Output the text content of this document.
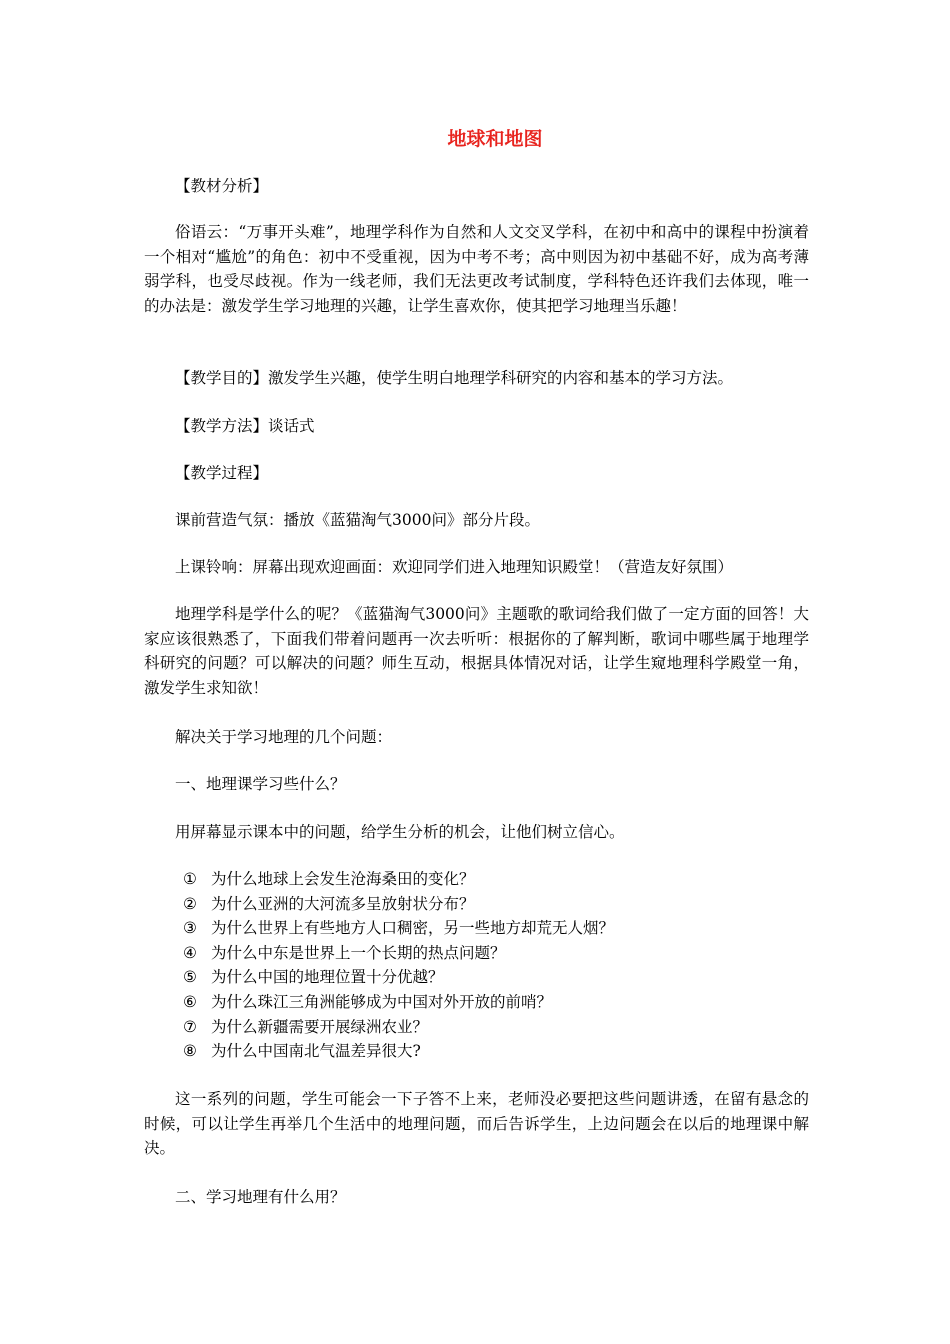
地球和地图

【教材分析】

俗语云：“万事开头难”，地理学科作为自然和人文交叉学科，在初中和高中的课程中扮演着一个相对“尴尬”的角色：初中不受重视，因为中考不考；高中则因为初中基础不好，成为高考薄弱学科，也受尽歧视。作为一线老师，我们无法更改考试制度，学科特色还许我们去体现，唯一的办法是：激发学生学习地理的兴趣，让学生喜欢你，使其把学习地理当乐趣！

【教学目的】激发学生兴趣，使学生明白地理学科研究的内容和基本的学习方法。

【教学方法】谈话式

【教学过程】

课前营造气氛：播放《蓝猫淘气3000问》部分片段。

上课铃响：屏幕出现欢迎画面：欢迎同学们进入地理知识殿堂！（营造友好氛围）

地理学科是学什么的呢？《蓝猫淘气3000问》主题歌的歌词给我们做了一定方面的回答！大家应该很熟悉了，下面我们带着问题再一次去听听：根据你的了解判断，歌词中哪些属于地理学科研究的问题？可以解决的问题？师生互动，根据具体情况对话，让学生窥地理科学殿堂一角，激发学生求知欲！

解决关于学习地理的几个问题：

一、地理课学习些什么？

用屏幕显示课本中的问题，给学生分析的机会，让他们树立信心。

① 为什么地球上会发生沧海桑田的变化？
② 为什么亚洲的大河流多呈放射状分布？
③ 为什么世界上有些地方人口稠密，另一些地方却荒无人烟？
④ 为什么中东是世界上一个长期的热点问题？
⑤ 为什么中国的地理位置十分优越？
⑥ 为什么珠江三角洲能够成为中国对外开放的前哨？
⑦ 为什么新疆需要开展绿洲农业？
⑧ 为什么中国南北气温差异很大?

这一系列的问题，学生可能会一下子答不上来，老师没必要把这些问题讲透，在留有悬念的时候，可以让学生再举几个生活中的地理问题，而后告诉学生，上边问题会在以后的地理课中解决。

二、学习地理有什么用？
